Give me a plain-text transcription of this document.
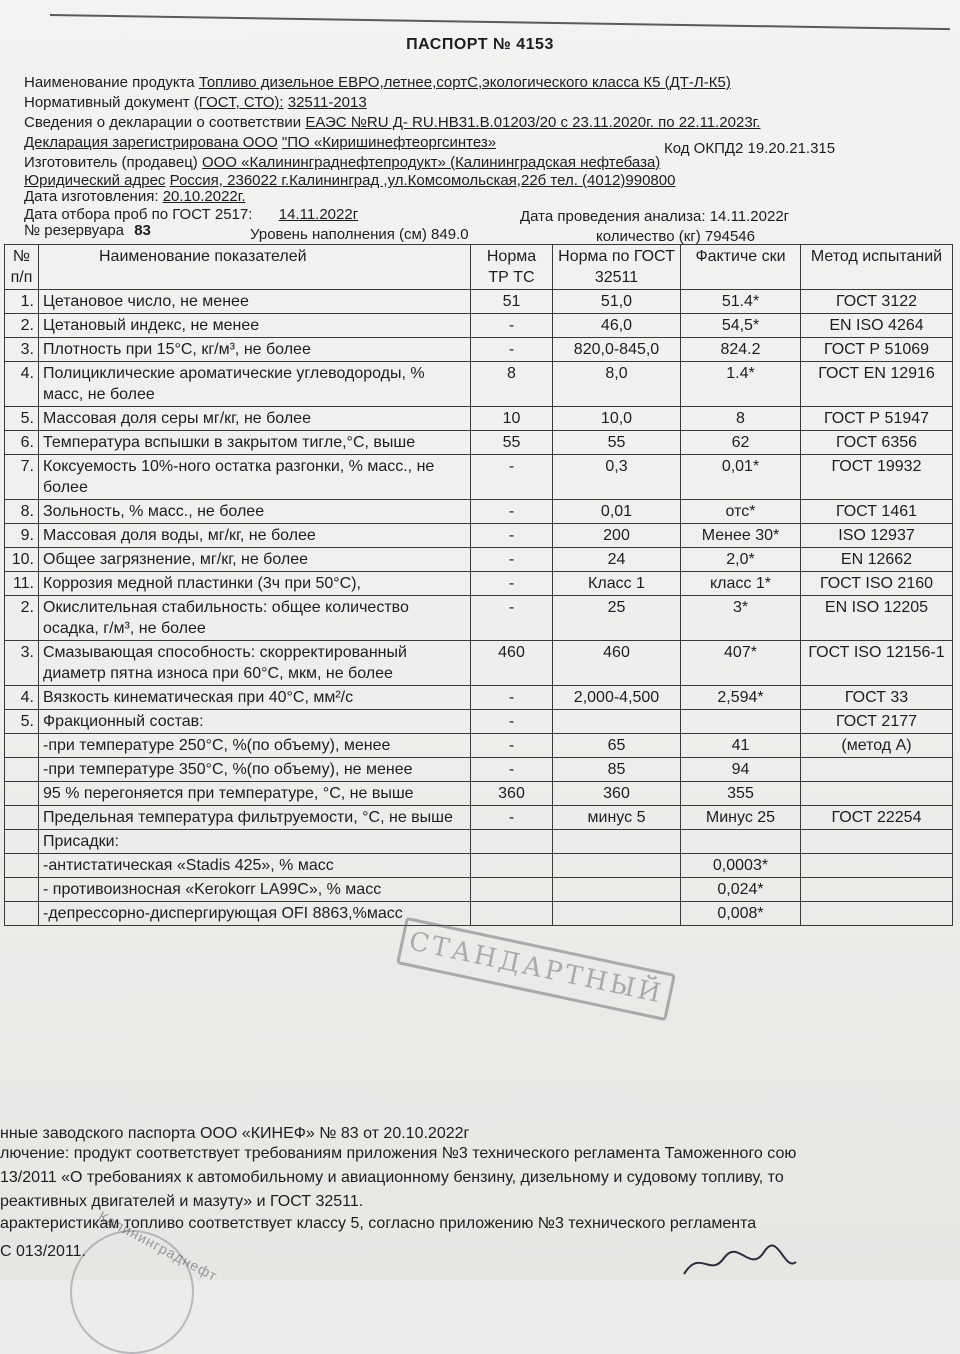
ПАСПОРТ № 4153
Наименование продукта Топливо дизельное ЕВРО,летнее,сортС,экологического класса К5 (ДТ-Л-К5)
Нормативный документ (ГОСТ, СТО): 32511-2013
Сведения о декларации о соответствии ЕАЭС №RU Д- RU.НВ31.В.01203/20 с 23.11.2020г. по 22.11.2023г.
Декларация зарегистрирована ООО "ПО «Киришинефтеоргсинтез»	Код ОКПД2 19.20.21.315
Изготовитель (продавец) ООО «Калининграднефтепродукт» (Калининградская нефтебаза)
Юридический адрес Россия, 236022 г.Калининград ,ул.Комсомольская,22б тел. (4012)990800
Дата изготовления: 20.10.2022г.
Дата отбора проб по ГОСТ 2517: 14.11.2022г	Дата проведения анализа: 14.11.2022г
№ резервуара 83	Уровень наполнения (см) 849.0	количество (кг) 794546
№ п/п	Наименование показателей	Норма ТР ТС	Норма по ГОСТ 32511	Фактиче ски	Метод испытаний
1.	Цетановое число, не менее	51	51,0	51.4*	ГОСТ 3122
2.	Цетановый индекс, не менее	-	46,0	54,5*	EN ISO 4264
3.	Плотность при 15°С, кг/м³, не более	-	820,0-845,0	824.2	ГОСТ Р 51069
4.	Полициклические ароматические углеводороды, % масс, не более	8	8,0	1.4*	ГОСТ EN 12916
5.	Массовая доля серы мг/кг, не более	10	10,0	8	ГОСТ Р 51947
6.	Температура вспышки в закрытом тигле,°С, выше	55	55	62	ГОСТ 6356
7.	Коксуемость 10%-ного остатка разгонки, % масс., не более	-	0,3	0,01*	ГОСТ 19932
8.	Зольность, % масс., не более	-	0,01	отс*	ГОСТ 1461
9.	Массовая доля воды, мг/кг, не более	-	200	Менее 30*	ISO 12937
10.	Общее загрязнение, мг/кг, не более	-	24	2,0*	EN 12662
11.	Коррозия медной пластинки (3ч при 50°С),	-	Класс 1	класс 1*	ГОСТ ISO 2160
2.	Окислительная стабильность: общее количество осадка, г/м³, не более	-	25	3*	EN ISO 12205
3.	Смазывающая способность: скорректированный диаметр пятна износа при 60°С, мкм, не более	460	460	407*	ГОСТ ISO 12156-1
4.	Вязкость кинематическая при 40°С, мм²/с	-	2,000-4,500	2,594*	ГОСТ 33
5.	Фракционный состав:	-			ГОСТ 2177
	-при температуре 250°С, %(по объему), менее	-	65	41	(метод А)
	-при температуре 350°С, %(по объему), не менее	-	85	94	
	95 % перегоняется при температуре, °С, не выше	360	360	355	
	Предельная температура фильтруемости, °С, не выше	-	минус 5	Минус 25	ГОСТ 22254
	Присадки:				
	-антистатическая «Stadis 425», % масс			0,0003*	
	- противоизносная «Kerokorr LA99C», % масс			0,024*	
	-депрессорно-диспергирующая OFI 8863,%масс			0,008*	
СТАНДАРТНЫЙ
нные заводского паспорта ООО «КИНЕФ» № 83 от 20.10.2022г
лючение: продукт соответствует требованиям приложения №3 технического регламента Таможенного сою
13/2011 «О требованиях к автомобильному и авиационному бензину, дизельному и судовому топливу, то
реактивных двигателей и мазуту» и ГОСТ 32511.
арактеристикам топливо соответствует классу 5, согласно приложению №3 технического регламента
С 013/2011. Калининграднефт
